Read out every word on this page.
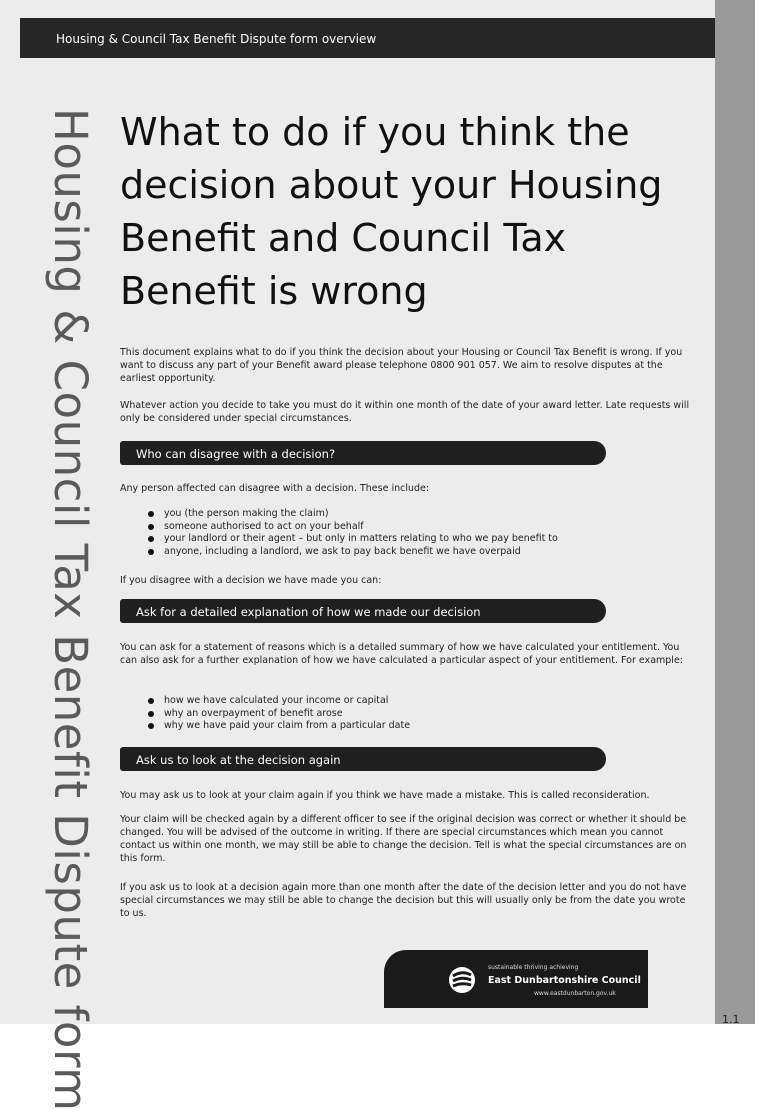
Housing & Council Tax Benefit Dispute form overview
Housing & Council Tax Benefit Dispute form What to do if you think the decision about your Housing Benefit and Council Tax Benefit is wrong

This document explains what to do if you think the decision about your Housing or Council Tax Benefit is wrong. If you want to discuss any part of your Benefit award please telephone 0800 901 057. We aim to resolve disputes at the earliest opportunity.

Whatever action you decide to take you must do it within one month of the date of your award letter. Late requests will only be considered under special circumstances.

Who can disagree with a decision?

Any person affected can disagree with a decision. These include:

you (the person making the claim)
someone authorised to act on your behalf
your landlord or their agent – but only in matters relating to who we pay benefit to
anyone, including a landlord, we ask to pay back benefit we have overpaid

If you disagree with a decision we have made you can:

Ask for a detailed explanation of how we made our decision

You can ask for a statement of reasons which is a detailed summary of how we have calculated your entitlement. You can also ask for a further explanation of how we have calculated a particular aspect of your entitlement. For example:

how we have calculated your income or capital
why an overpayment of benefit arose
why we have paid your claim from a particular date
Ask us to look at the decision again

You may ask us to look at your claim again if you think we have made a mistake. This is called reconsideration.

Your claim will be checked again by a different officer to see if the original decision was correct or whether it should be changed. You will be advised of the outcome in writing. If there are special circumstances which mean you cannot contact us within one month, we may still be able to change the decision. Tell is what the special circumstances are on this form.

If you ask us to look at a decision again more than one month after the date of the decision letter and you do not have special circumstances we may still be able to change the decision but this will usually only be from the date you wrote to us.

sustainable thriving achieving
East Dunbartonshire Council
www.eastdunbarton.gov.uk
1.1
